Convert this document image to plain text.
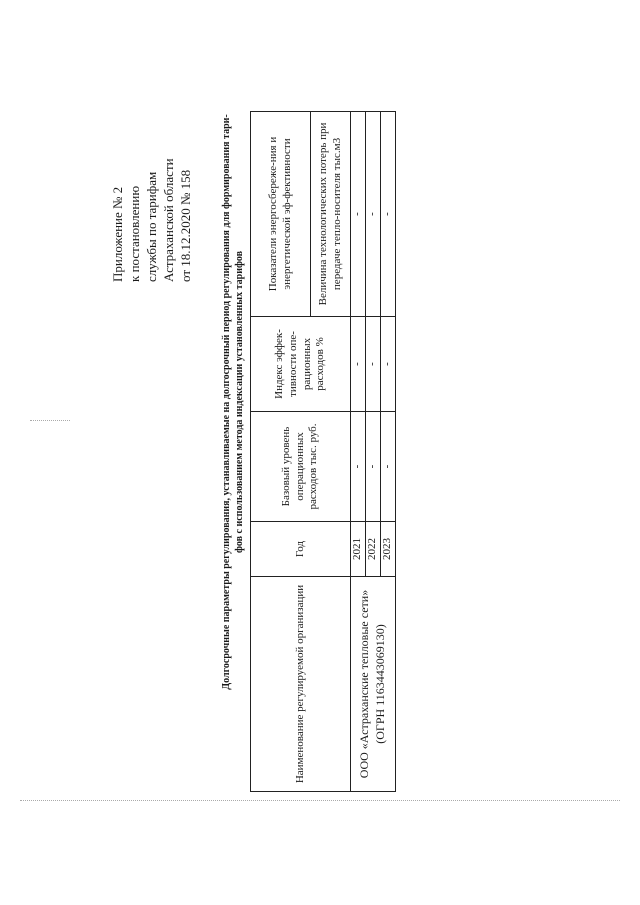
Приложение № 2 к постановлению службы по тарифам Астраханской области от 18.12.2020 № 158	Долгосрочные параметры регулирования, устанавливаемые на долгосрочный период регулирования для формирования тари- фов с использованием метода индексации установленных тарифов
Наименование регулируемой организации	Год	Базовый уровень операционных расходов тыс. руб.	Индекс эффек-тивности опе-рационных расходов %	Показатели энергосбереже-ния и энергетической эф-фективности
				Величина технологических потерь при передаче тепло-носителя тыс.м3

ООО «Астраханские тепловые сети» (ОГРН 1163443069130)	2021	-	-	-
	2022	-	-	-
	2023	-	-	-
